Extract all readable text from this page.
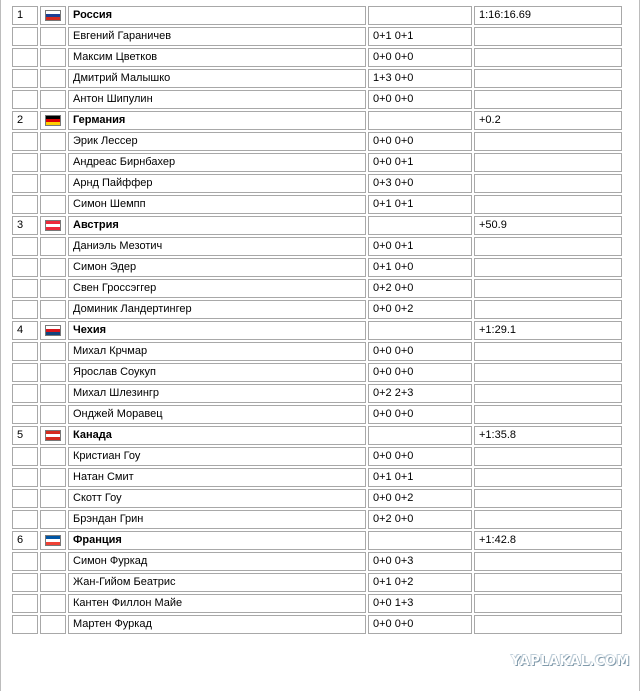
1		Россия		1:16:16.69
		Евгений Гараничев	0+1 0+1	
		Максим Цветков	0+0 0+0	
		Дмитрий Малышко	1+3 0+0	
		Антон Шипулин	0+0 0+0	
2		Германия		+0.2
		Эрик Лессер	0+0 0+0	
		Андреас Бирнбахер	0+0 0+1	
		Арнд Пайффер	0+3 0+0	
		Симон Шемпп	0+1 0+1	
3		Австрия		+50.9
		Даниэль Мезотич	0+0 0+1	
		Симон Эдер	0+1 0+0	
		Свен Гроссэггер	0+2 0+0	
		Доминик Ландертингер	0+0 0+2	
4		Чехия		+1:29.1
		Михал Крчмар	0+0 0+0	
		Ярослав Соукуп	0+0 0+0	
		Михал Шлезингр	0+2 2+3	
		Онджей Моравец	0+0 0+0	
5		Канада		+1:35.8
		Кристиан Гоу	0+0 0+0	
		Натан Смит	0+1 0+1	
		Скотт Гоу	0+0 0+2	
		Брэндан Грин	0+2 0+0	
6		Франция		+1:42.8
		Симон Фуркад	0+0 0+3	
		Жан-Гийом Беатрис	0+1 0+2	
		Кантен Филлон Майе	0+0 1+3	
		Мартен Фуркад	0+0 0+0	
YAPLAKAL.COM
